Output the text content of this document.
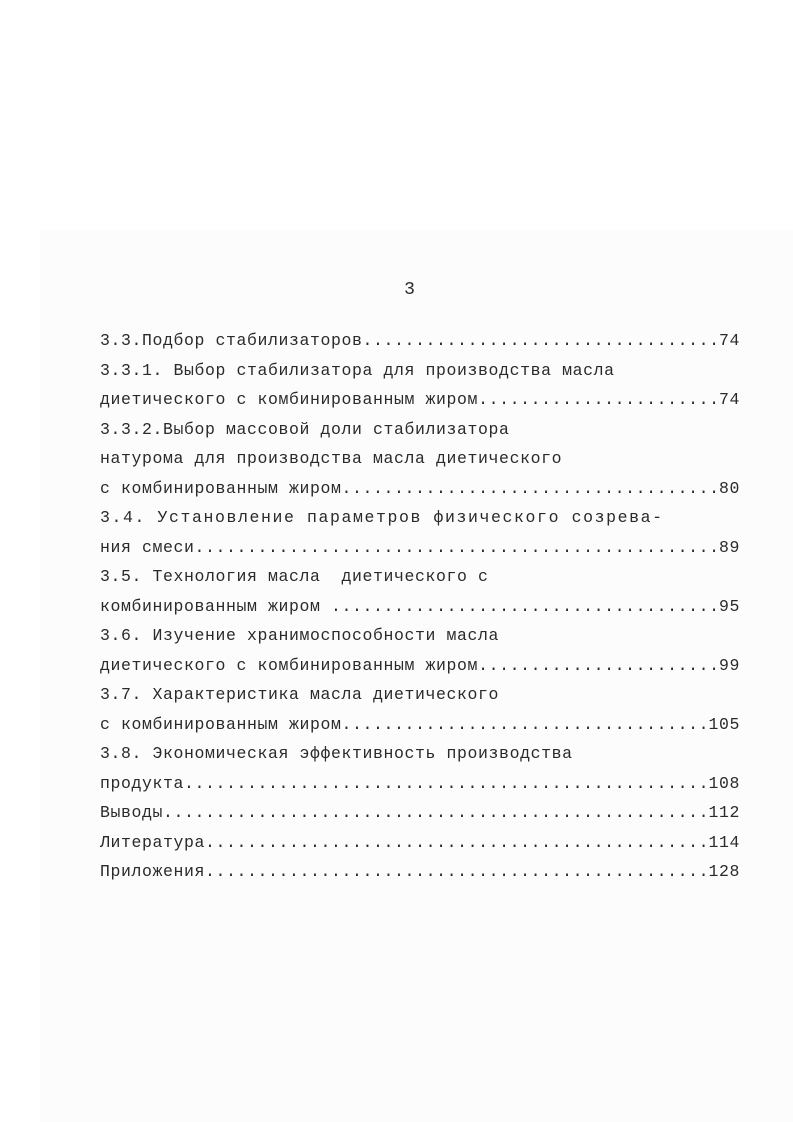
3
3.3.Подбор стабилизаторов .....	74
3.3.1. Выбор стабилизатора для производства масла
диетического с комбинированным жиром .....	74
3.3.2.Выбор массовой доли стабилизатора
натурома для производства масла диетического
с комбинированным жиром .....	80
3.4. Установление параметров физического созрева-
ния смеси .....	89
3.5. Технология масла  диетического с
комбинированным жиром .....	95
3.6. Изучение хранимоспособности масла
диетического с комбинированным жиром .....	99
3.7. Характеристика масла диетического
с комбинированным жиром .....	105
3.8. Экономическая эффективность производства
продукта .....	108
Выводы .....	112
Литература .....	114
Приложения .....	128
